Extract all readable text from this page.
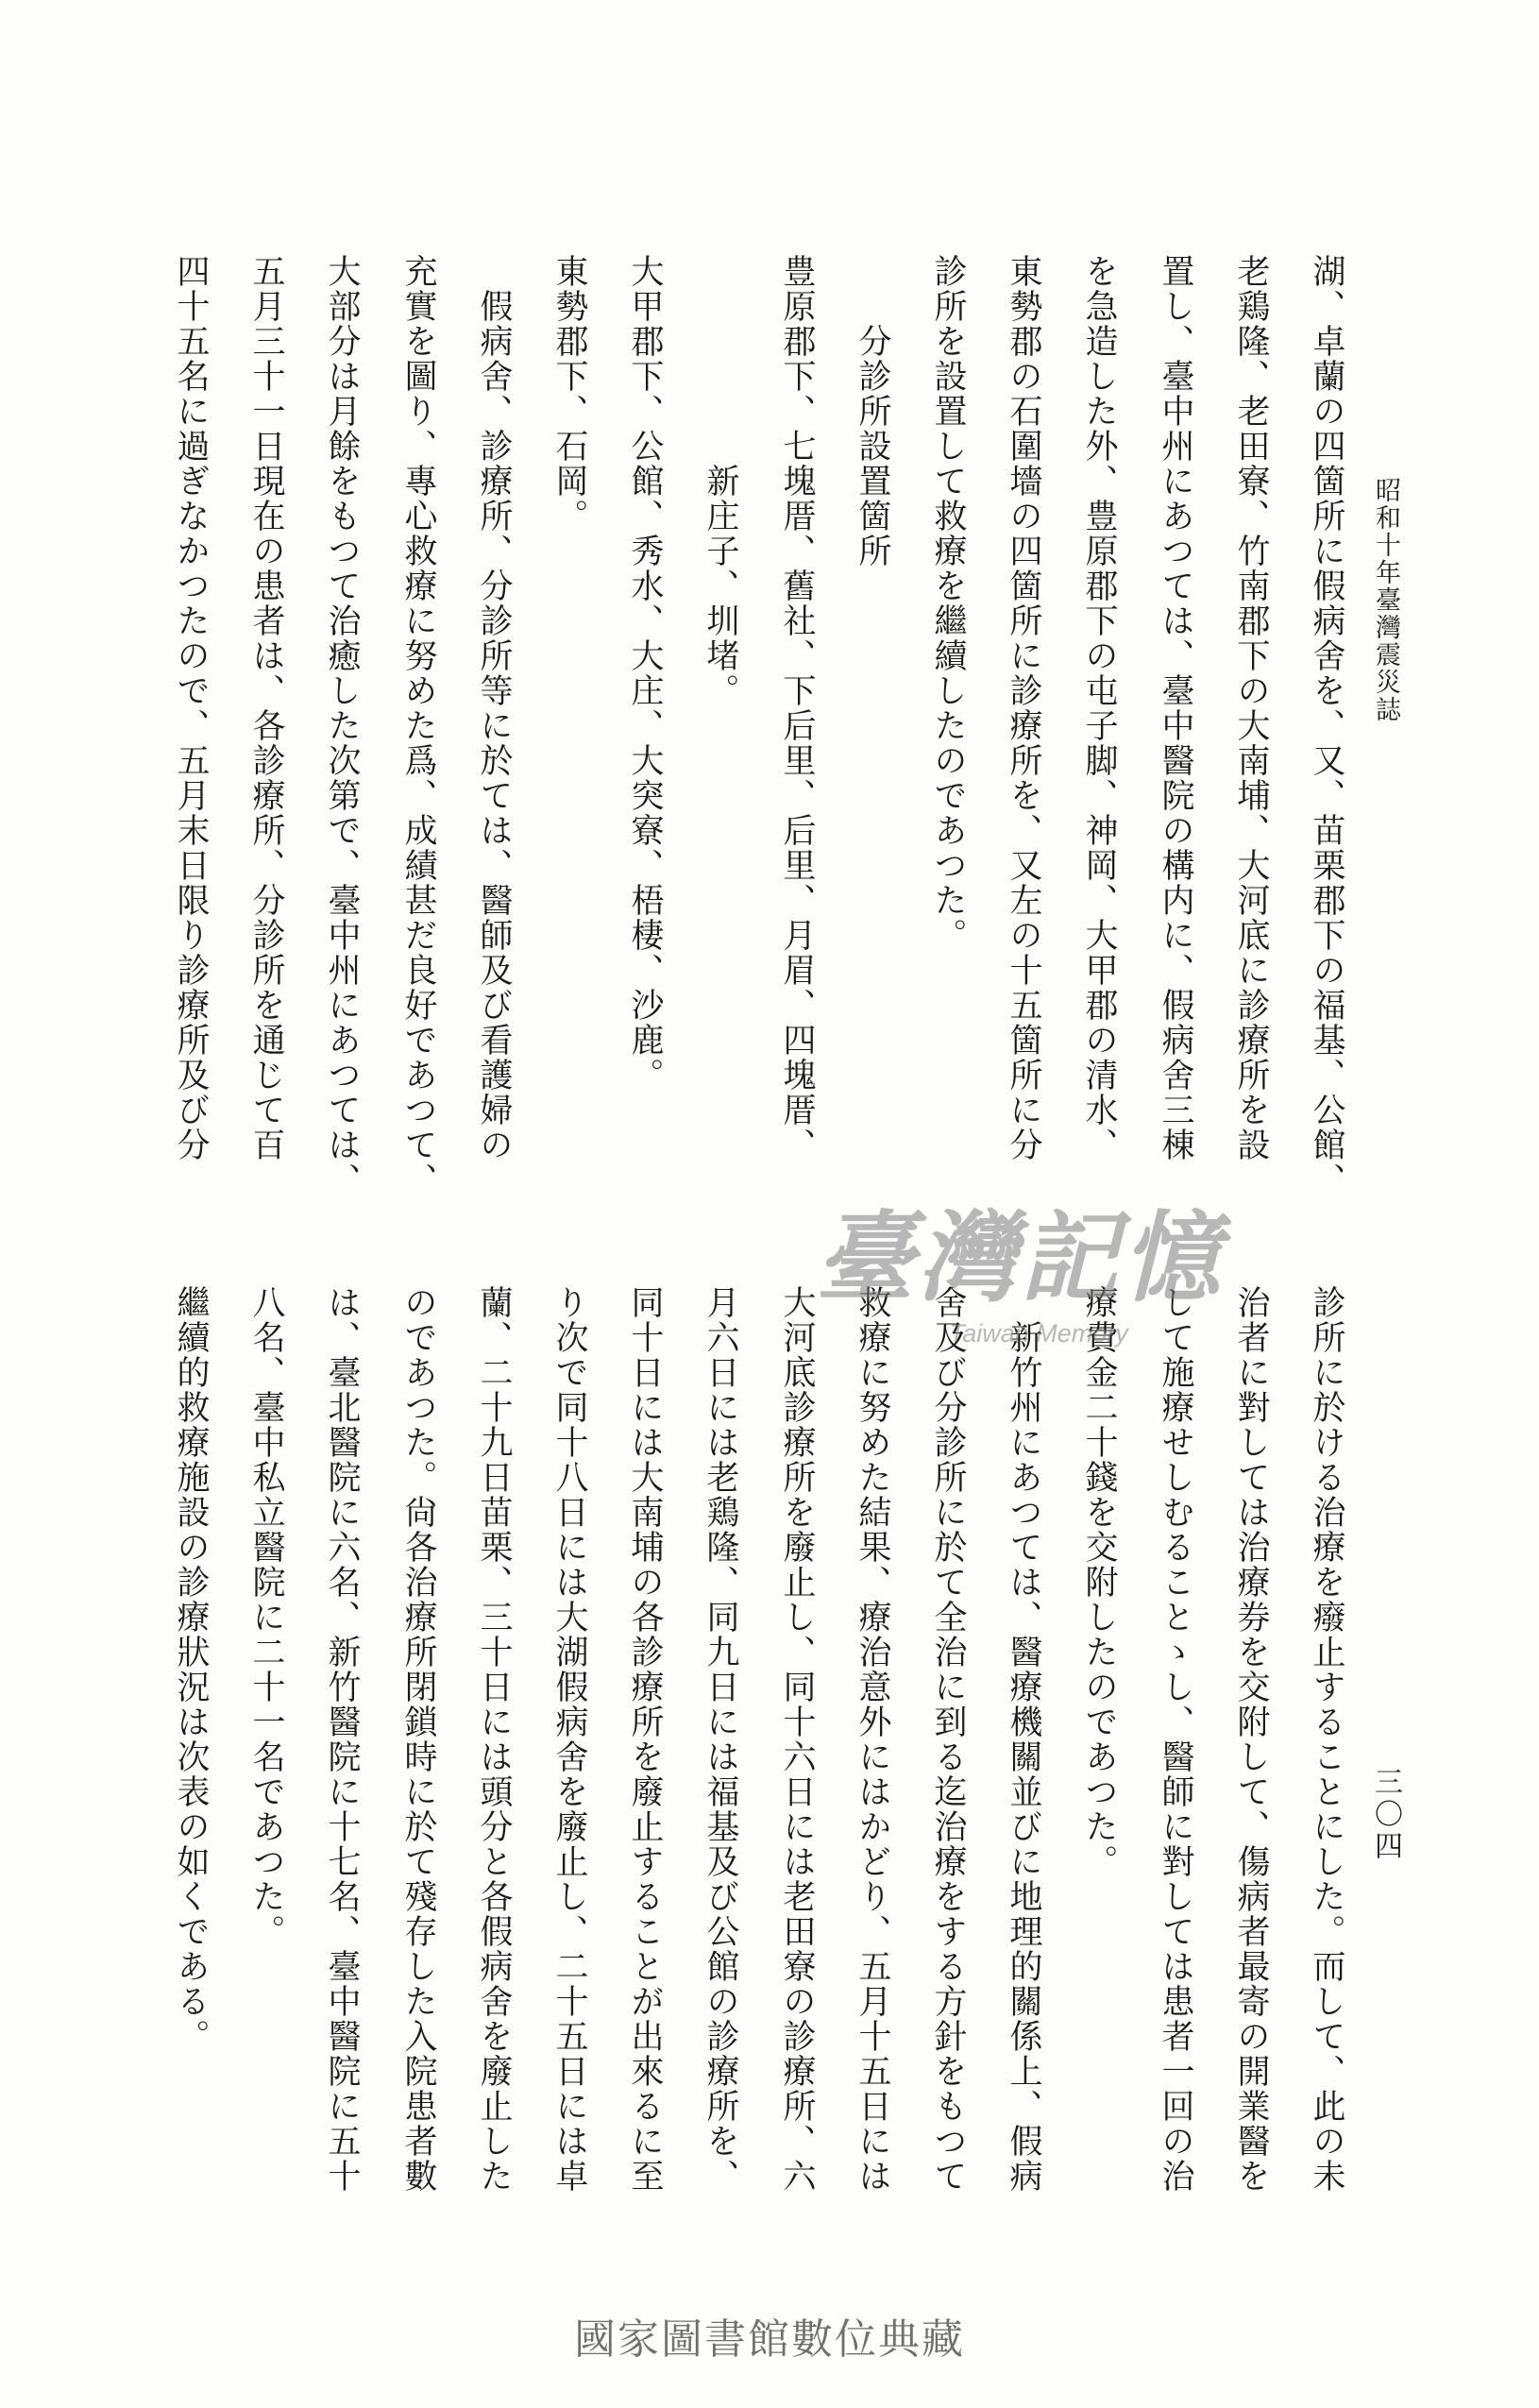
昭和十年臺灣震災誌
三〇四
湖、卓蘭の四箇所に假病舍を、又、苗栗郡下の福基、公館、
老鶏隆、老田寮、竹南郡下の大南埔、大河底に診療所を設
置し、臺中州にあつては、臺中醫院の構内に、假病舍三棟
を急造した外、豊原郡下の屯子脚、神岡、大甲郡の清水、
東勢郡の石圍墻の四箇所に診療所を、又左の十五箇所に分
診所を設置して救療を繼續したのであつた。
分診所設置箇所
豊原郡下、七塊厝、舊社、下后里、后里、月眉、四塊厝、
新庄子、圳堵。
大甲郡下、公館、秀水、大庄、大突寮、梧棲、沙鹿。
東勢郡下、石岡。
假病舍、診療所、分診所等に於ては、醫師及び看護婦の
充實を圖り、專心救療に努めた爲、成績甚だ良好であつて、
大部分は月餘をもつて治癒した次第で、臺中州にあつては、
五月三十一日現在の患者は、各診療所、分診所を通じて百
四十五名に過ぎなかつたので、五月末日限り診療所及び分
診所に於ける治療を癈止することにした。而して、此の未
治者に對しては治療券を交附して、傷病者最寄の開業醫を
して施療せしむることゝし、醫師に對しては患者一回の治
療費金二十錢を交附したのであつた。
新竹州にあつては、醫療機關並びに地理的關係上、假病
舍及び分診所に於て全治に到る迄治療をする方針をもつて
救療に努めた結果、療治意外にはかどり、五月十五日には
大河底診療所を廢止し、同十六日には老田寮の診療所、六
月六日には老鶏隆、同九日には福基及び公館の診療所を、
同十日には大南埔の各診療所を廢止することが出來るに至
り次で同十八日には大湖假病舍を廢止し、二十五日には卓
蘭、二十九日苗栗、三十日には頭分と各假病舍を廢止した
のであつた。尙各治療所閉鎖時に於て殘存した入院患者數
は、臺北醫院に六名、新竹醫院に十七名、臺中醫院に五十
八名、臺中私立醫院に二十一名であつた。
繼續的救療施設の診療狀況は次表の如くである。
臺灣記憶
Taiwan Memory
國家圖書館數位典藏
